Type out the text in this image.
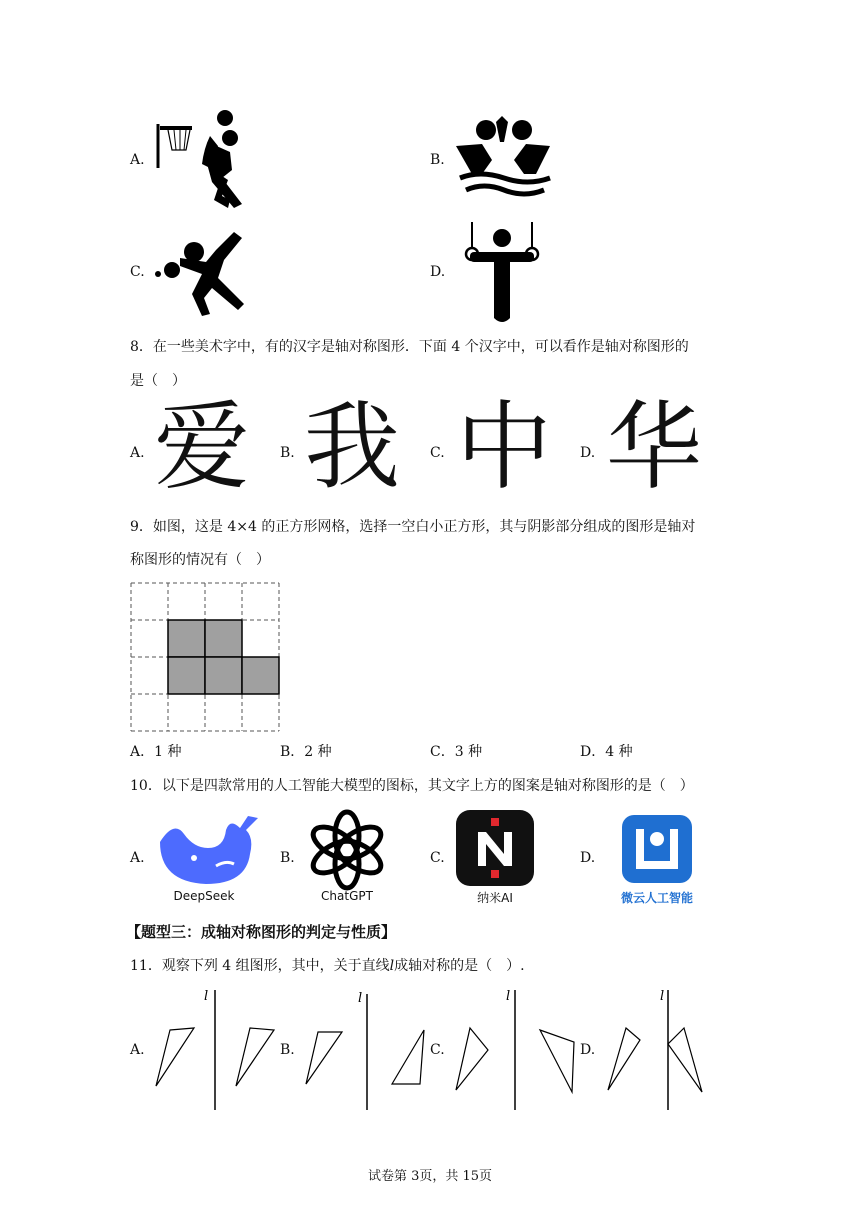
A.	B.
C.	D.
8．在一些美术字中，有的汉字是轴对称图形．下面 4 个汉字中，可以看作是轴对称图形的
是（　）
A. 爱 B. 我 C. 中 D. 华
9．如图，这是 4×4 的正方形网格，选择一空白小正方形，其与阴影部分组成的图形是轴对
称图形的情况有（　）
A．1 种	B．2 种	C．3 种	D．4 种
10．以下是四款常用的人工智能大模型的图标，其文字上方的图案是轴对称图形的是（　）
A.
DeepSeek
B.
ChatGPT
C.
纳米AI
D.
微云人工智能
【题型三：成轴对称图形的判定与性质】
11．观察下列 4 组图形，其中，关于直线l成轴对称的是（　）.
A.
l
B.
l
C.
l
D.
l
试卷第 3页，共 15页
